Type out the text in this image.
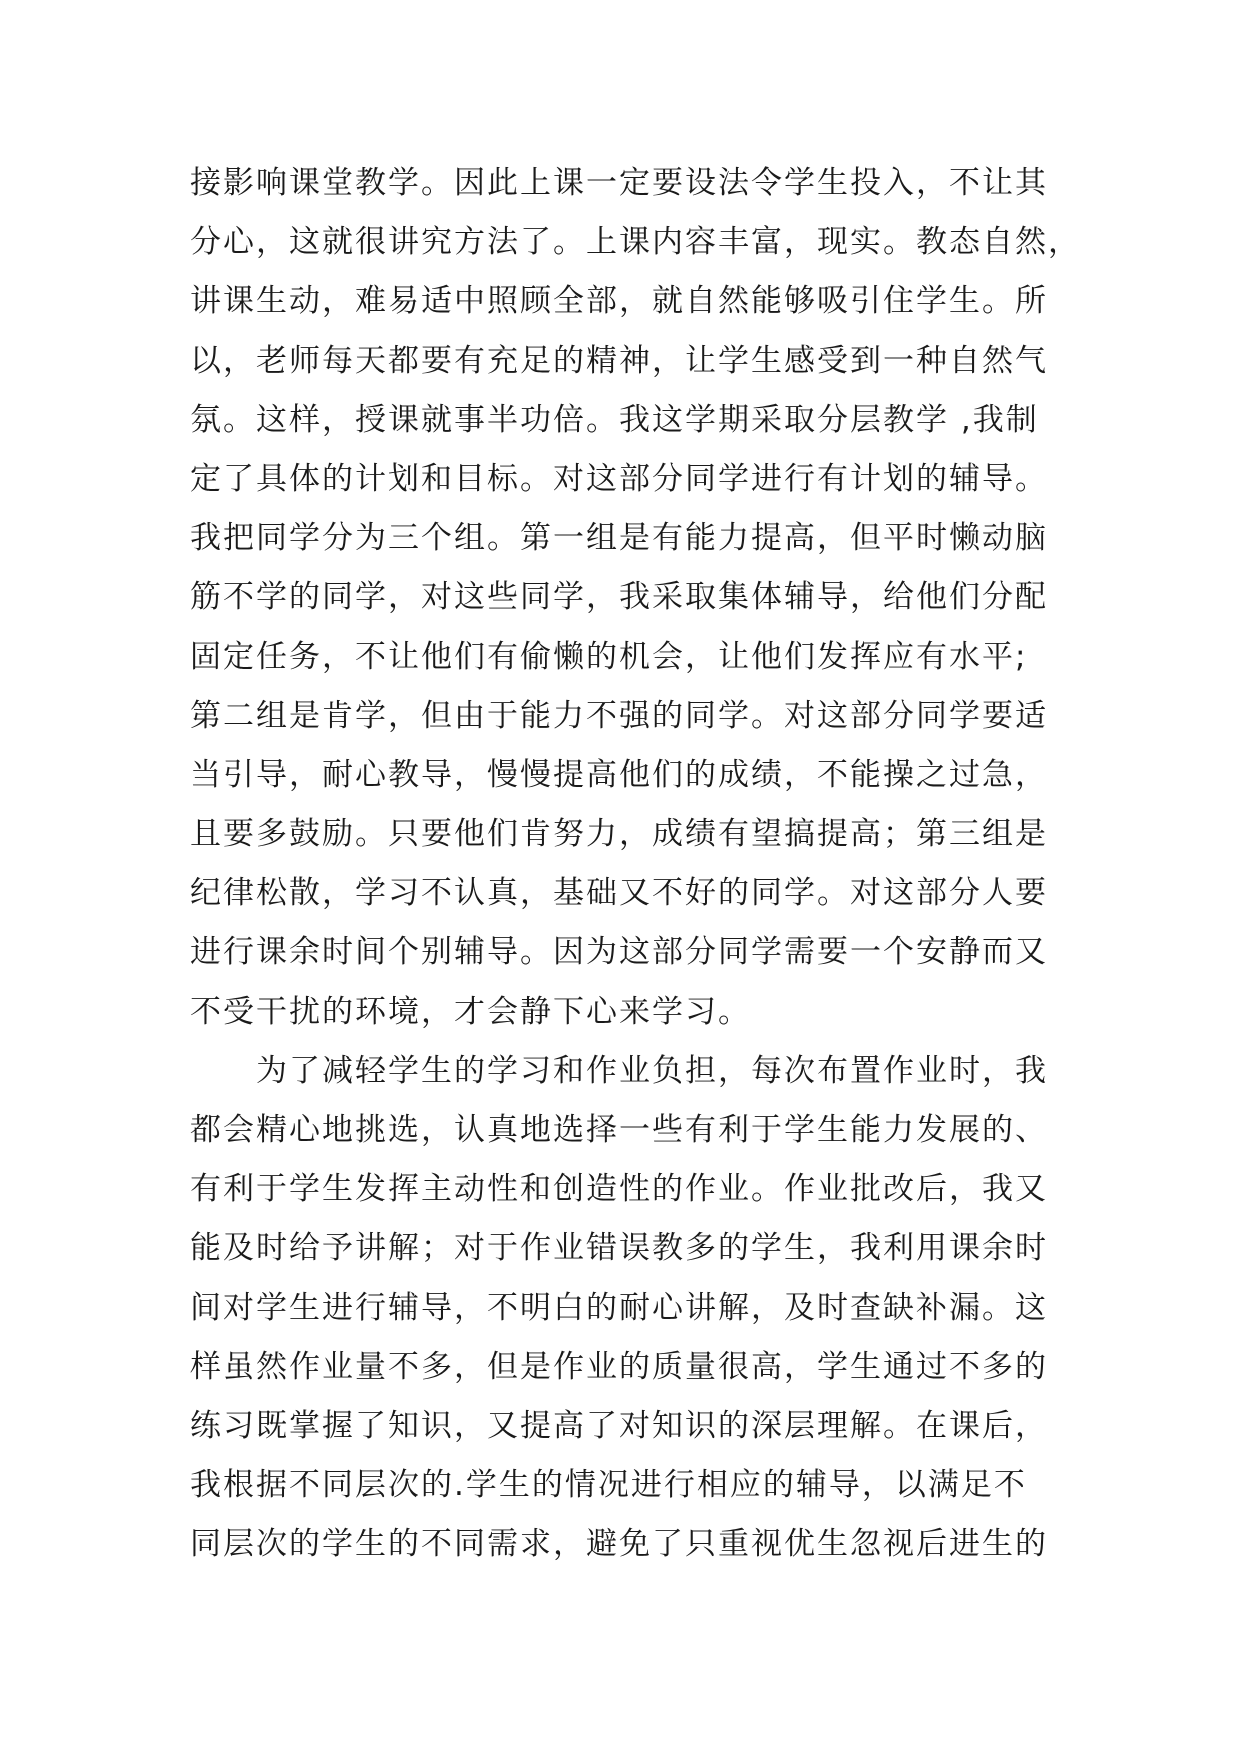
接影响课堂教学。因此上课一定要设法令学生投入，不让其
分心，这就很讲究方法了。上课内容丰富，现实。教态自然，
讲课生动，难易适中照顾全部，就自然能够吸引住学生。所
以，老师每天都要有充足的精神，让学生感受到一种自然气
氛。这样，授课就事半功倍。我这学期采取分层教学 ,我制
定了具体的计划和目标。对这部分同学进行有计划的辅导。
我把同学分为三个组。第一组是有能力提高，但平时懒动脑
筋不学的同学，对这些同学，我采取集体辅导，给他们分配
固定任务，不让他们有偷懒的机会，让他们发挥应有水平;
第二组是肯学，但由于能力不强的同学。对这部分同学要适
当引导，耐心教导，慢慢提高他们的成绩，不能操之过急，
且要多鼓励。只要他们肯努力，成绩有望搞提高；第三组是
纪律松散，学习不认真，基础又不好的同学。对这部分人要
进行课余时间个别辅导。因为这部分同学需要一个安静而又
不受干扰的环境，才会静下心来学习。
为了减轻学生的学习和作业负担，每次布置作业时，我
都会精心地挑选，认真地选择一些有利于学生能力发展的、
有利于学生发挥主动性和创造性的作业。作业批改后，我又
能及时给予讲解；对于作业错误教多的学生，我利用课余时
间对学生进行辅导，不明白的耐心讲解，及时查缺补漏。这
样虽然作业量不多，但是作业的质量很高，学生通过不多的
练习既掌握了知识，又提高了对知识的深层理解。在课后，
我根据不同层次的.学生的情况进行相应的辅导，以满足不
同层次的学生的不同需求，避免了只重视优生忽视后进生的
